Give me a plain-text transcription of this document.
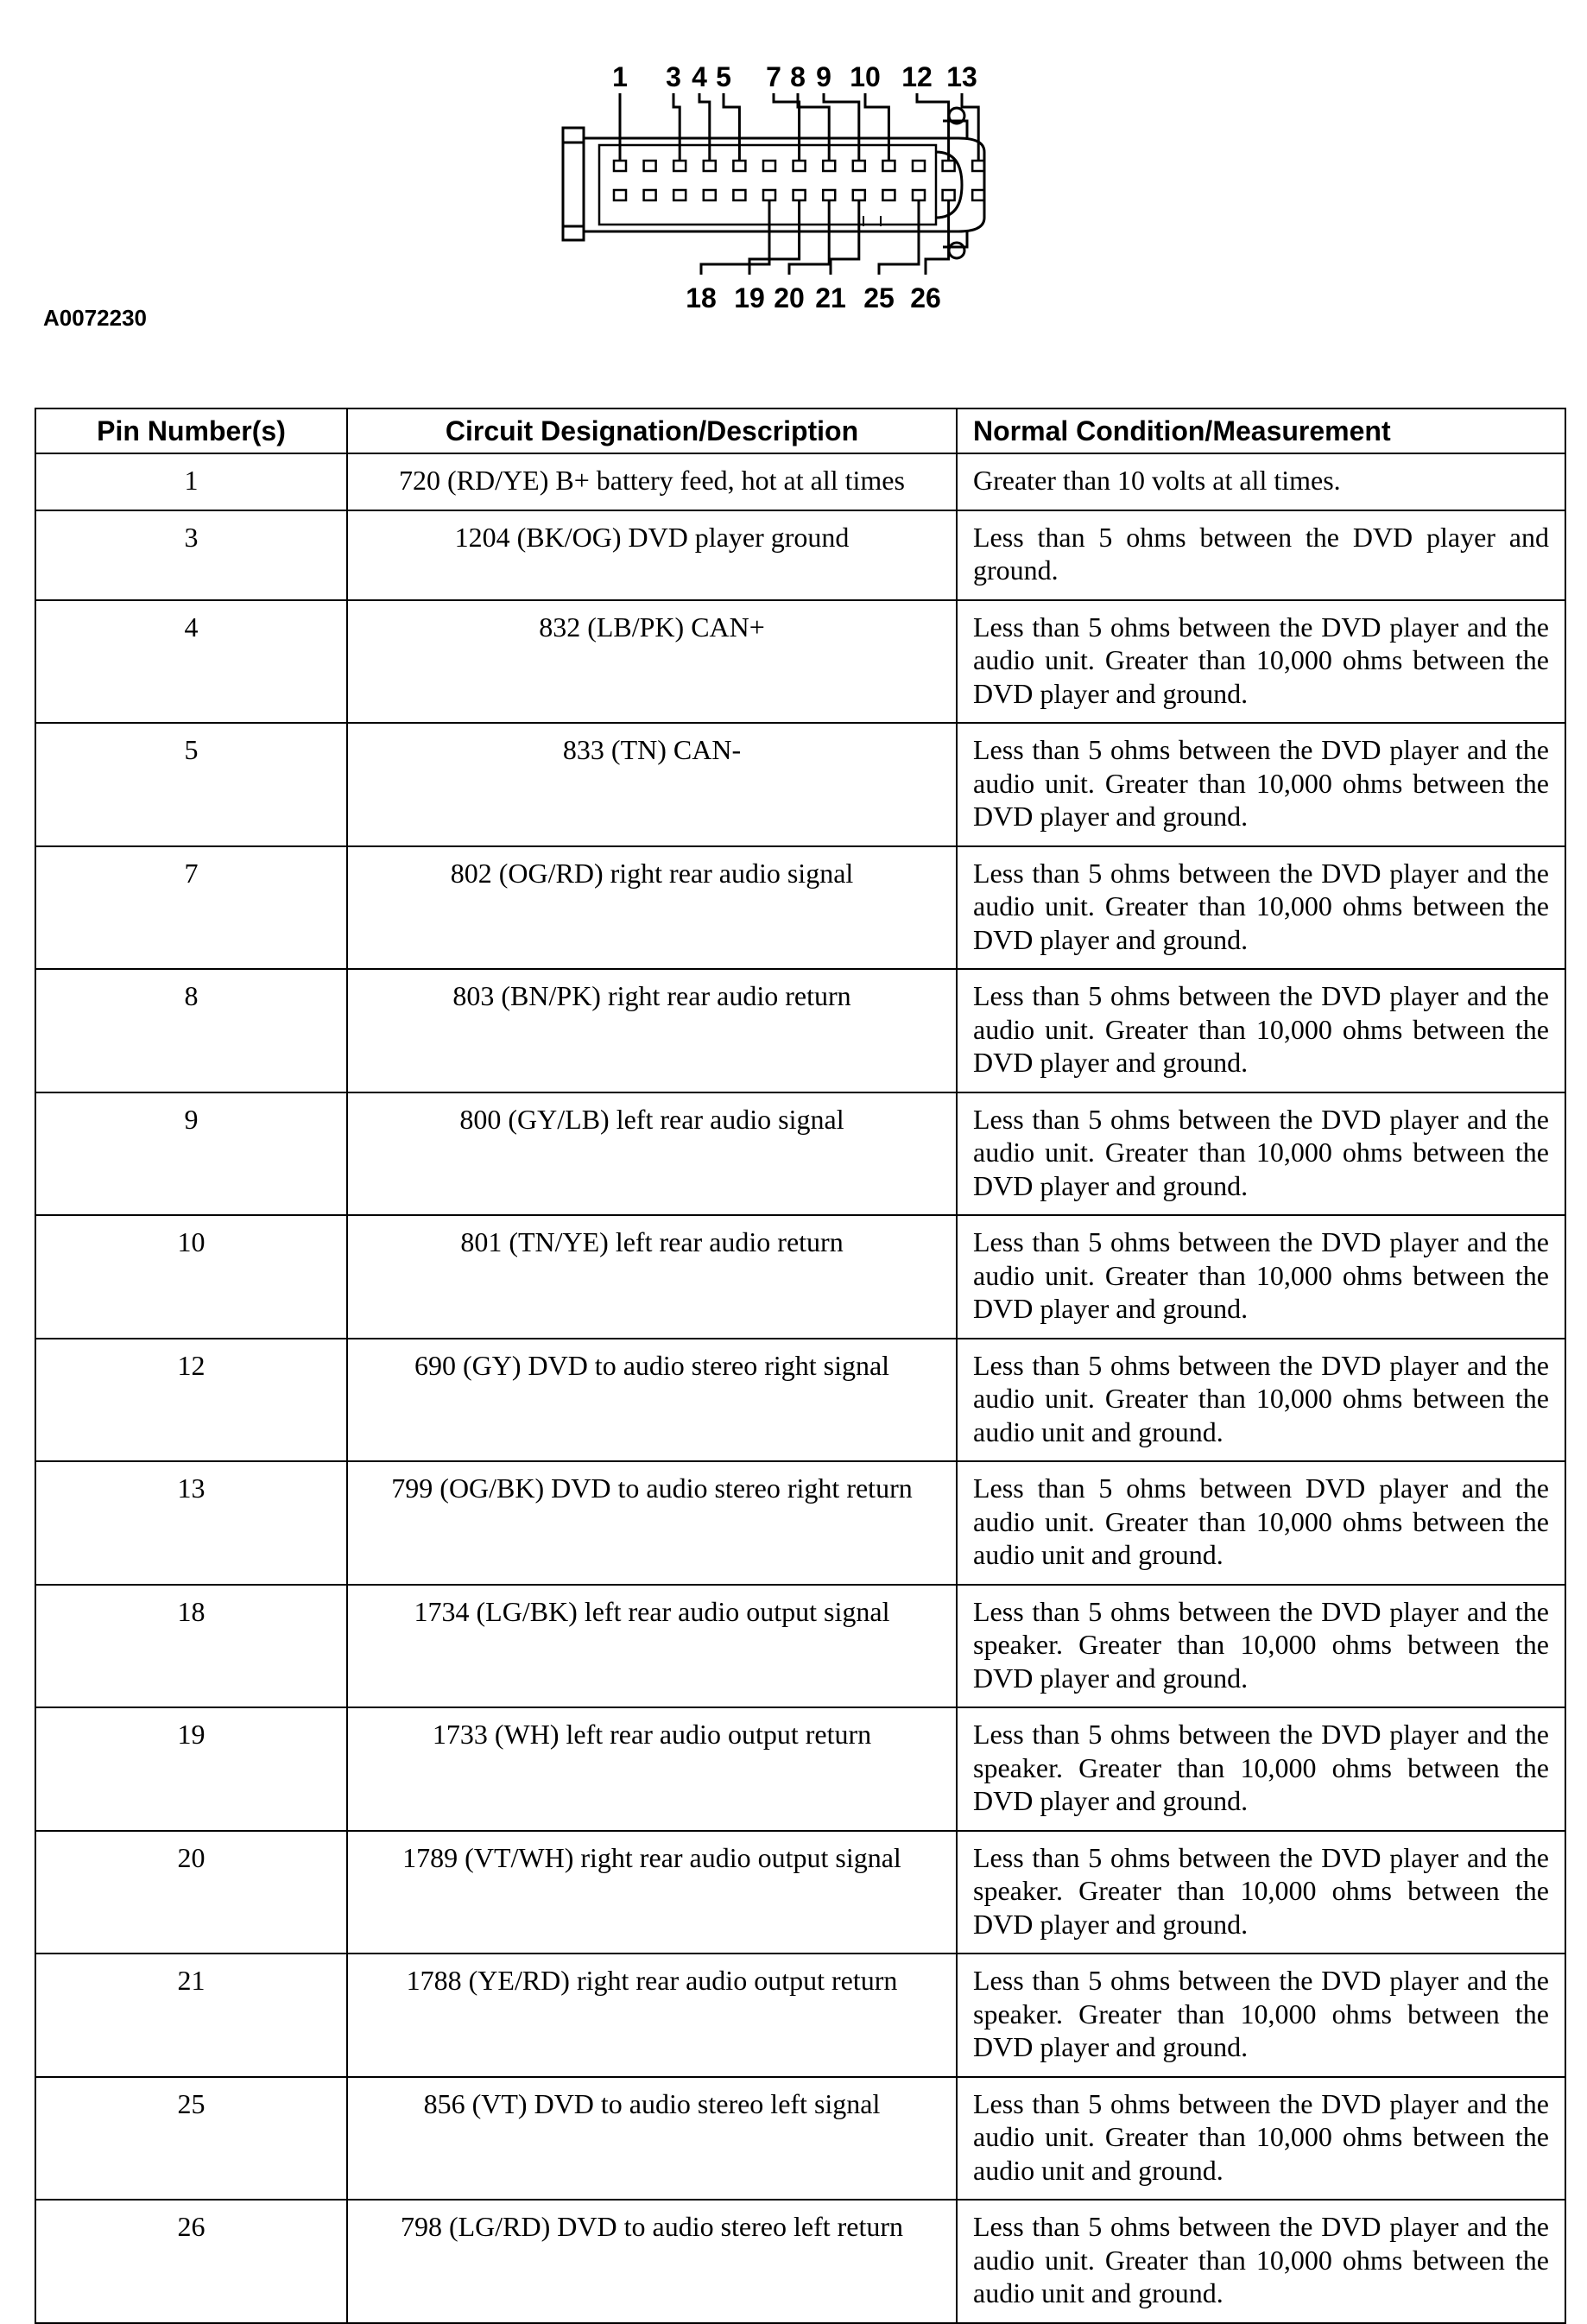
1 3 4 5 7 8 9 10 12 13
18 19 20 21 25 26
A0072230
Pin Number(s)	Circuit Designation/Description	Normal Condition/Measurement
1	720 (RD/YE) B+ battery feed, hot at all times	Greater than 10 volts at all times.
3	1204 (BK/OG) DVD player ground	Less than 5 ohms between the DVD player and ground.
4	832 (LB/PK) CAN+	Less than 5 ohms between the DVD player and the audio unit. Greater than 10,000 ohms between the DVD player and ground.
5	833 (TN) CAN-	Less than 5 ohms between the DVD player and the audio unit. Greater than 10,000 ohms between the DVD player and ground.
7	802 (OG/RD) right rear audio signal	Less than 5 ohms between the DVD player and the audio unit. Greater than 10,000 ohms between the DVD player and ground.
8	803 (BN/PK) right rear audio return	Less than 5 ohms between the DVD player and the audio unit. Greater than 10,000 ohms between the DVD player and ground.
9	800 (GY/LB) left rear audio signal	Less than 5 ohms between the DVD player and the audio unit. Greater than 10,000 ohms between the DVD player and ground.
10	801 (TN/YE) left rear audio return	Less than 5 ohms between the DVD player and the audio unit. Greater than 10,000 ohms between the DVD player and ground.
12	690 (GY) DVD to audio stereo right signal	Less than 5 ohms between the DVD player and the audio unit. Greater than 10,000 ohms between the audio unit and ground.
13	799 (OG/BK) DVD to audio stereo right return	Less than 5 ohms between DVD player and the audio unit. Greater than 10,000 ohms between the audio unit and ground.
18	1734 (LG/BK) left rear audio output signal	Less than 5 ohms between the DVD player and the speaker. Greater than 10,000 ohms between the DVD player and ground.
19	1733 (WH) left rear audio output return	Less than 5 ohms between the DVD player and the speaker. Greater than 10,000 ohms between the DVD player and ground.
20	1789 (VT/WH) right rear audio output signal	Less than 5 ohms between the DVD player and the speaker. Greater than 10,000 ohms between the DVD player and ground.
21	1788 (YE/RD) right rear audio output return	Less than 5 ohms between the DVD player and the speaker. Greater than 10,000 ohms between the DVD player and ground.
25	856 (VT) DVD to audio stereo left signal	Less than 5 ohms between the DVD player and the audio unit. Greater than 10,000 ohms between the audio unit and ground.
26	798 (LG/RD) DVD to audio stereo left return	Less than 5 ohms between the DVD player and the audio unit. Greater than 10,000 ohms between the audio unit and ground.
